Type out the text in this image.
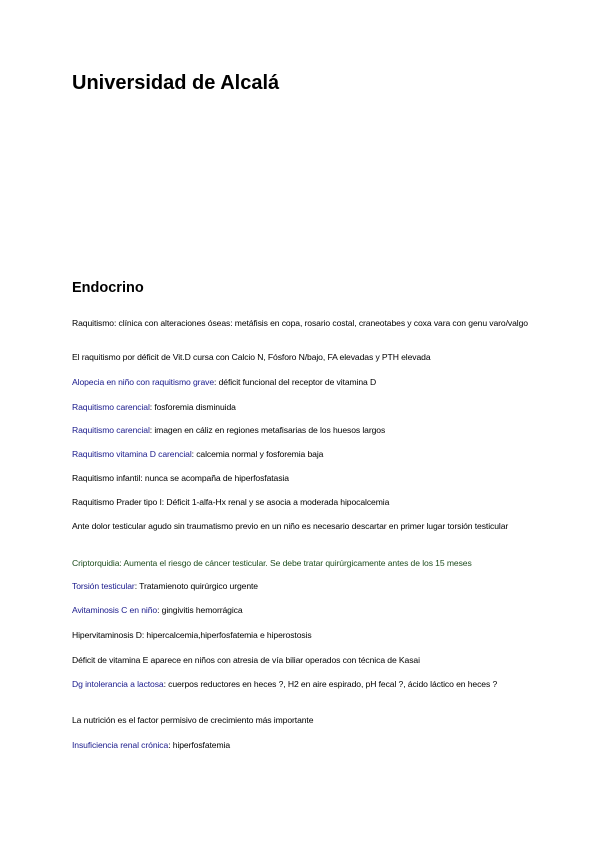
Universidad de Alcalá
Endocrino

Raquitismo: clínica con alteraciones óseas: metáfisis en copa, rosario costal, craneotabes y coxa vara con genu varo/valgo

El raquitismo por déficit de Vit.D cursa con Calcio N, Fósforo N/bajo, FA elevadas y PTH elevada

Alopecia en niño con raquitismo grave: déficit funcional del receptor de vitamina D

Raquitismo carencial: fosforemia disminuida

Raquitismo carencial: imagen en cáliz en regiones metafisarias de los huesos largos

Raquitismo vitamina D carencial: calcemia normal y fosforemia baja

Raquitismo infantil: nunca se acompaña de hiperfosfatasia

Raquitismo Prader tipo I: Déficit 1-alfa-Hx renal y se asocia a moderada hipocalcemia

Ante dolor testicular agudo sin traumatismo previo en un niño es necesario descartar en primer lugar torsión testicular

Criptorquidia: Aumenta el riesgo de cáncer testicular. Se debe tratar quirúrgicamente antes de los 15 meses

Torsión testicular: Tratamienoto quirúrgico urgente

Avitaminosis C en niño: gingivitis hemorrágica

Hipervitaminosis D: hipercalcemia,hiperfosfatemia e hiperostosis

Déficit de vitamina E aparece en niños con atresia de vía biliar operados con técnica de Kasai

Dg intolerancia a lactosa: cuerpos reductores en heces ?, H2 en aire espirado, pH fecal ?, ácido láctico en heces ?

La nutrición es el factor permisivo de crecimiento más importante

Insuficiencia renal crónica: hiperfosfatemia
